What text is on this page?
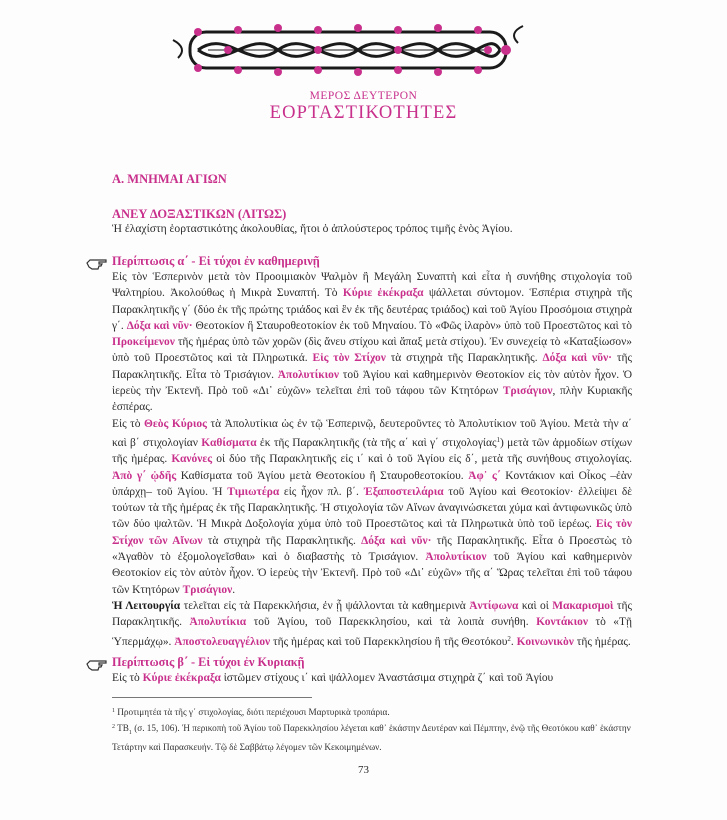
ΜΕΡΟΣ ΔΕΥΤΕΡΟΝ
ΕΟΡΤΑΣΤΙΚΟΤΗΤΕΣ
Α. ΜΝΗΜΑΙ ΑΓΙΩΝ
ΑΝΕΥ ΔΟΞΑΣΤΙΚΩΝ (ΛΙΤΩΣ)
Ἡ ἐλαχίστη ἑορταστικότης ἀκολουθίας, ἤτοι ὁ ἁπλούστερος τρόπος τιμῆς ἑνὸς Ἁγίου.
Περίπτωσις α΄ - Εἰ τύχοι ἐν καθημερινῇ

Εἰς τὸν Ἑσπερινὸν μετὰ τὸν Προοιμιακὸν Ψαλμὸν ἢ Μεγάλη Συναπτὴ καὶ εἶτα ἡ συνήθης στιχολογία τοῦ Ψαλτηρίου. Ἀκολούθως ἡ Μικρὰ Συναπτή. Τὸ Κύριε ἐκέκραξα ψάλλεται σύντομον. Ἑσπέρια στιχηρὰ τῆς Παρακλητικῆς γ΄ (δύο ἐκ τῆς πρώτης τριάδος καὶ ἓν ἐκ τῆς δευτέρας τριάδος) καὶ τοῦ Ἁγίου Προσόμοια στιχηρὰ γ΄. Δόξα καὶ νῦν· Θεοτοκίον ἢ Σταυροθεοτοκίον ἐκ τοῦ Μηναίου. Τὸ «Φῶς ἱλαρὸν» ὑπὸ τοῦ Προεστῶτος καὶ τὸ Προκείμενον τῆς ἡμέρας ὑπὸ τῶν χορῶν (δὶς ἄνευ στίχου καὶ ἅπαξ μετὰ στίχου). Ἐν συνεχείᾳ τὸ «Καταξίωσον» ὑπὸ τοῦ Προεστῶτος καὶ τὰ Πληρωτικά. Εἰς τὸν Στίχον τὰ στιχηρὰ τῆς Παρακλητικῆς. Δόξα καὶ νῦν· τῆς Παρακλητικῆς. Εἶτα τὸ Τρισάγιον. Ἀπολυτίκιον τοῦ Ἁγίου καὶ καθημερινὸν Θεοτοκίον εἰς τὸν αὐτὸν ἦχον. Ὁ ἱερεὺς τὴν Ἐκτενῆ. Πρὸ τοῦ «Δι᾽ εὐχῶν» τελεῖται ἐπὶ τοῦ τάφου τῶν Κτητόρων Τρισάγιον, πλὴν Κυριακῆς ἑσπέρας.

Εἰς τὸ Θεὸς Κύριος τὰ Ἀπολυτίκια ὡς ἐν τῷ Ἑσπερινῷ, δευτεροῦντες τὸ Ἀπολυτίκιον τοῦ Ἁγίου. Μετὰ τὴν α΄ καὶ β΄ στιχολογίαν Καθίσματα ἐκ τῆς Παρακλητικῆς (τὰ τῆς α΄ καὶ γ΄ στιχολογίας$^1$) μετὰ τῶν ἁρμοδίων στίχων τῆς ἡμέρας. Κανόνες οἱ δύο τῆς Παρακλητικῆς εἰς ι΄ καὶ ὁ τοῦ Ἁγίου εἰς δ΄, μετὰ τῆς συνήθους στιχολογίας. Ἀπὸ γ΄ ᾠδῆς Καθίσματα τοῦ Ἁγίου μετὰ Θεοτοκίου ἢ Σταυροθεοτοκίου. Ἀφ᾽ ς΄ Κοντάκιον καὶ Οἶκος –ἐὰν ὑπάρχῃ– τοῦ Ἁγίου. Ἡ Τιμιωτέρα εἰς ἦχον πλ. β΄. Ἐξαποστειλάρια τοῦ Ἁγίου καὶ Θεοτοκίον· ἐλλείψει δὲ τούτων τὰ τῆς ἡμέρας ἐκ τῆς Παρακλητικῆς. Ἡ στιχολογία τῶν Αἴνων ἀναγινώσκεται χύμα καὶ ἀντιφωνικῶς ὑπὸ τῶν δύο ψαλτῶν. Ἡ Μικρὰ Δοξολογία χύμα ὑπὸ τοῦ Προεστῶτος καὶ τὰ Πληρωτικὰ ὑπὸ τοῦ ἱερέως. Εἰς τὸν Στίχον τῶν Αἴνων τὰ στιχηρὰ τῆς Παρακλητικῆς. Δόξα καὶ νῦν· τῆς Παρακλητικῆς. Εἶτα ὁ Προεστὼς τὸ «Ἀγαθὸν τὸ ἐξομολογεῖσθαι» καὶ ὁ διαβαστὴς τὸ Τρισάγιον. Ἀπολυτίκιον τοῦ Ἁγίου καὶ καθημερινὸν Θεοτοκίον εἰς τὸν αὐτὸν ἦχον. Ὁ ἱερεὺς τὴν Ἐκτενῆ. Πρὸ τοῦ «Δι᾽ εὐχῶν» τῆς α΄ Ὥρας τελεῖται ἐπὶ τοῦ τάφου τῶν Κτητόρων Τρισάγιον.

Ἡ Λειτουργία τελεῖται εἰς τὰ Παρεκκλήσια, ἐν ᾗ ψάλλονται τὰ καθημερινὰ Ἀντίφωνα καὶ οἱ Μακαρισμοὶ τῆς Παρακλητικῆς. Ἀπολυτίκια τοῦ Ἁγίου, τοῦ Παρεκκλησίου, καὶ τὰ λοιπὰ συνήθη. Κοντάκιον τὸ «Τῇ Ὑπερμάχῳ». Ἀποστολευαγγέλιον τῆς ἡμέρας καὶ τοῦ Παρεκκλησίου ἢ τῆς Θεοτόκου$^2$. Κοινωνικὸν τῆς ἡμέρας.

Περίπτωσις β΄ - Εἰ τύχοι ἐν Κυριακῇ

Εἰς τὸ Κύριε ἐκέκραξα ἱστῶμεν στίχους ι΄ καὶ ψάλλομεν Ἀναστάσιμα στιχηρὰ ζ΄ καὶ τοῦ Ἁγίου

$^1$ Προτιμητέα τὰ τῆς γ΄ στιχολογίας, διότι περιέχουσι Μαρτυρικὰ τροπάρια.
$^2$ $TB_1$ (σ. 15, 106). Ἡ περικοπὴ τοῦ Ἁγίου τοῦ Παρεκκλησίου λέγεται καθ᾽ ἑκάστην Δευτέραν καὶ Πέμπτην, ἐνῷ τῆς Θεοτόκου καθ᾽ ἑκάστην Τετάρτην καὶ Παρασκευήν. Τῷ δὲ Σαββάτῳ λέγομεν τῶν Κεκοιμημένων.
73
